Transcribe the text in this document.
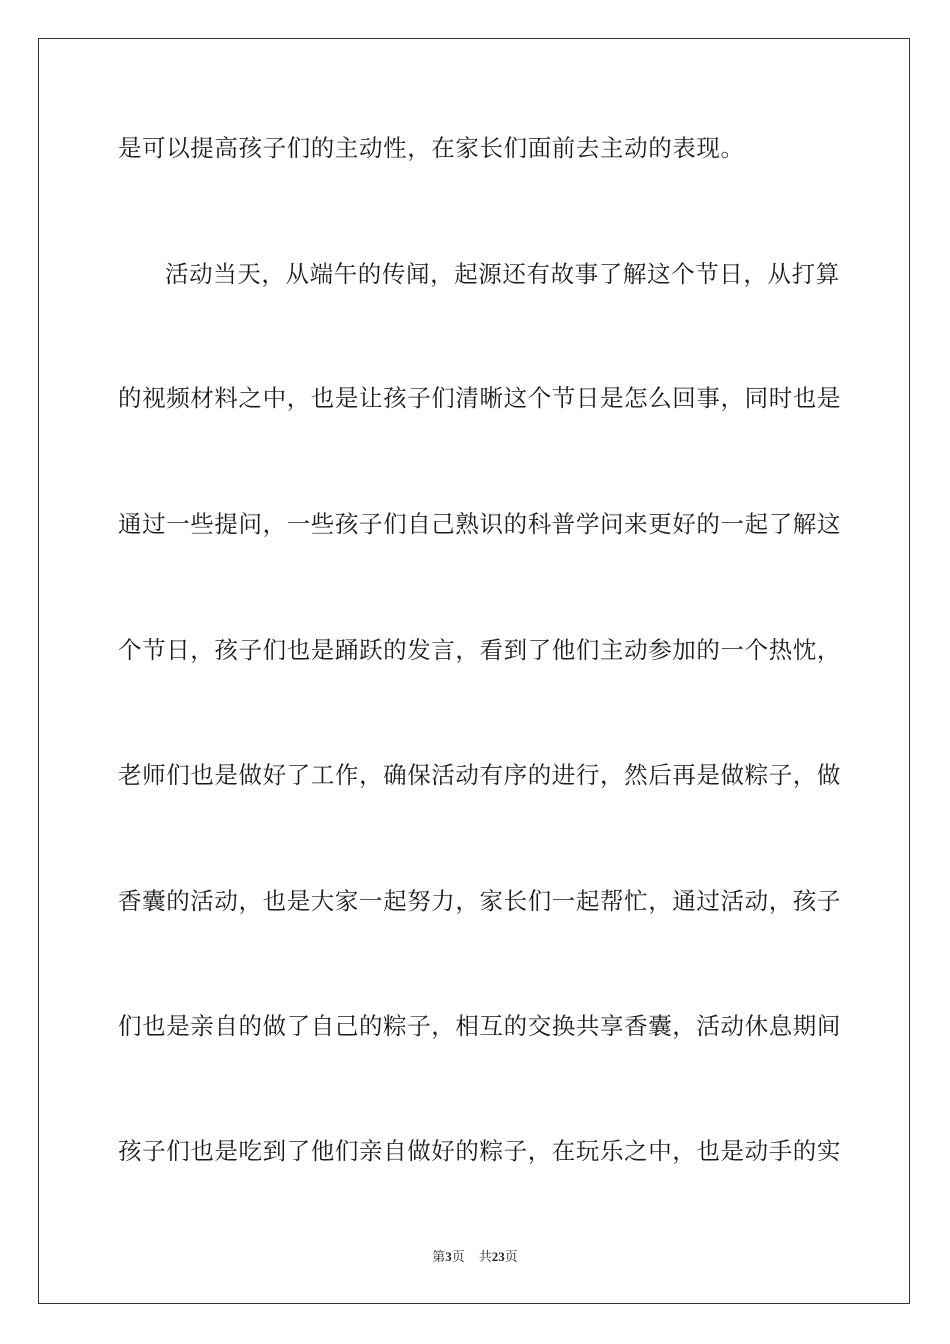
是可以提高孩子们的主动性，在家长们面前去主动的表现。
活动当天，从端午的传闻，起源还有故事了解这个节日，从打算
的视频材料之中，也是让孩子们清晰这个节日是怎么回事，同时也是
通过一些提问，一些孩子们自己熟识的科普学问来更好的一起了解这
个节日，孩子们也是踊跃的发言，看到了他们主动参加的一个热忱，
老师们也是做好了工作，确保活动有序的进行，然后再是做粽子，做
香囊的活动，也是大家一起努力，家长们一起帮忙，通过活动，孩子
们也是亲自的做了自己的粽子，相互的交换共享香囊，活动休息期间
孩子们也是吃到了他们亲自做好的粽子，在玩乐之中，也是动手的实
第3页 共23页
